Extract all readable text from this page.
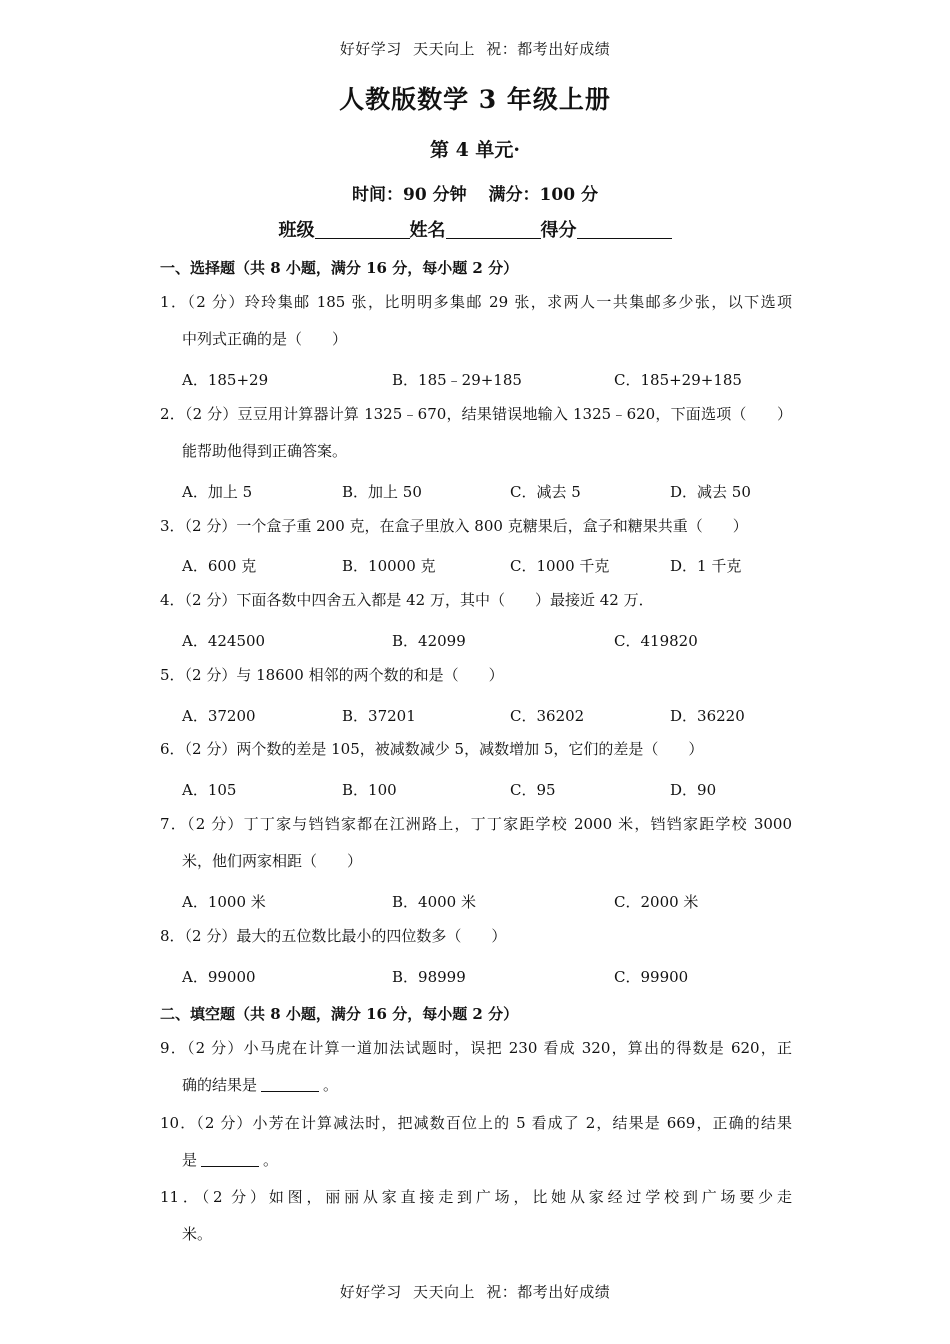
好好学习 天天向上 祝：都考出好成绩
人教版数学 3 年级上册
第 4 单元·
时间：90 分钟 满分：100 分
班级	姓名	得分
一、选择题（共 8 小题，满分 16 分，每小题 2 分）
1．（2 分）玲玲集邮 185 张，比明明多集邮 29 张，求两人一共集邮多少张，以下选项
中列式正确的是（　　）
A．185+29	B．185﹣29+185	C．185+29+185
2．（2 分）豆豆用计算器计算 1325﹣670，结果错误地输入 1325﹣620，下面选项（　　）
能帮助他得到正确答案。
A．加上 5	B．加上 50	C．减去 5	D．减去 50
3．（2 分）一个盒子重 200 克，在盒子里放入 800 克糖果后，盒子和糖果共重（　　）
A．600 克	B．10000 克	C．1000 千克	D．1 千克
4．（2 分）下面各数中四舍五入都是 42 万，其中（　　）最接近 42 万．
A．424500	B．42099	C．419820
5．（2 分）与 18600 相邻的两个数的和是（　　）
A．37200	B．37201	C．36202	D．36220
6．（2 分）两个数的差是 105，被减数减少 5，减数增加 5，它们的差是（　　）
A．105	B．100	C．95	D．90
7．（2 分）丁丁家与铛铛家都在江洲路上，丁丁家距学校 2000 米，铛铛家距学校 3000
米，他们两家相距（　　）
A．1000 米	B．4000 米	C．2000 米
8．（2 分）最大的五位数比最小的四位数多（　　）
A．99000	B．98999	C．99900
二、填空题（共 8 小题，满分 16 分，每小题 2 分）
9．（2 分）小马虎在计算一道加法试题时，误把 230 看成 320，算出的得数是 620，正
确的结果是	。
10．（2 分）小芳在计算减法时，把减数百位上的 5 看成了 2，结果是 669，正确的结果
是	。
11．（2 分）如图，丽丽从家直接走到广场，比她从家经过学校到广场要少走
米。
好好学习 天天向上 祝：都考出好成绩
